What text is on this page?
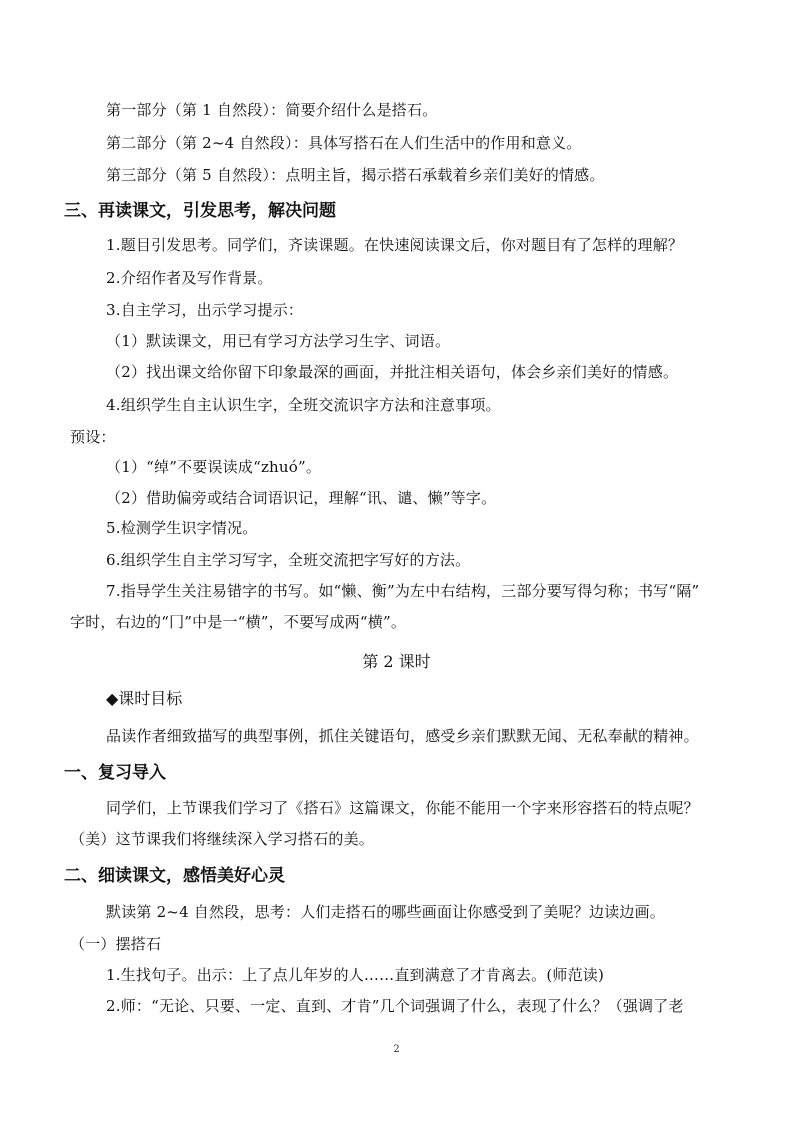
第一部分（第 1 自然段）：简要介绍什么是搭石。
第二部分（第 2~4 自然段）：具体写搭石在人们生活中的作用和意义。
第三部分（第 5 自然段）：点明主旨，揭示搭石承载着乡亲们美好的情感。
三、再读课文，引发思考，解决问题
1.题目引发思考。同学们，齐读课题。在快速阅读课文后，你对题目有了怎样的理解？
2.介绍作者及写作背景。
3.自主学习，出示学习提示：
（1）默读课文，用已有学习方法学习生字、词语。
（2）找出课文给你留下印象最深的画面，并批注相关语句，体会乡亲们美好的情感。
4.组织学生自主认识生字，全班交流识字方法和注意事项。
预设：
（1）“绰”不要误读成“zhuó”。
（2）借助偏旁或结合词语识记，理解“讯、谴、懒”等字。
5.检测学生识字情况。
6.组织学生自主学习写字，全班交流把字写好的方法。
7.指导学生关注易错字的书写。如“懒、衡”为左中右结构，三部分要写得匀称；书写“隔”
字时，右边的“冂”中是一“横”，不要写成两“横”。
第 2 课时
◆课时目标
品读作者细致描写的典型事例，抓住关键语句，感受乡亲们默默无闻、无私奉献的精神。
一、复习导入
同学们，上节课我们学习了《搭石》这篇课文，你能不能用一个字来形容搭石的特点呢？
（美）这节课我们将继续深入学习搭石的美。
二、细读课文，感悟美好心灵
默读第 2~4 自然段，思考：人们走搭石的哪些画面让你感受到了美呢？边读边画。
（一）摆搭石
1.生找句子。出示：上了点儿年岁的人……直到满意了才肯离去。(师范读)
2.师：“无论、只要、一定、直到、才肯”几个词强调了什么，表现了什么？（强调了老
2
